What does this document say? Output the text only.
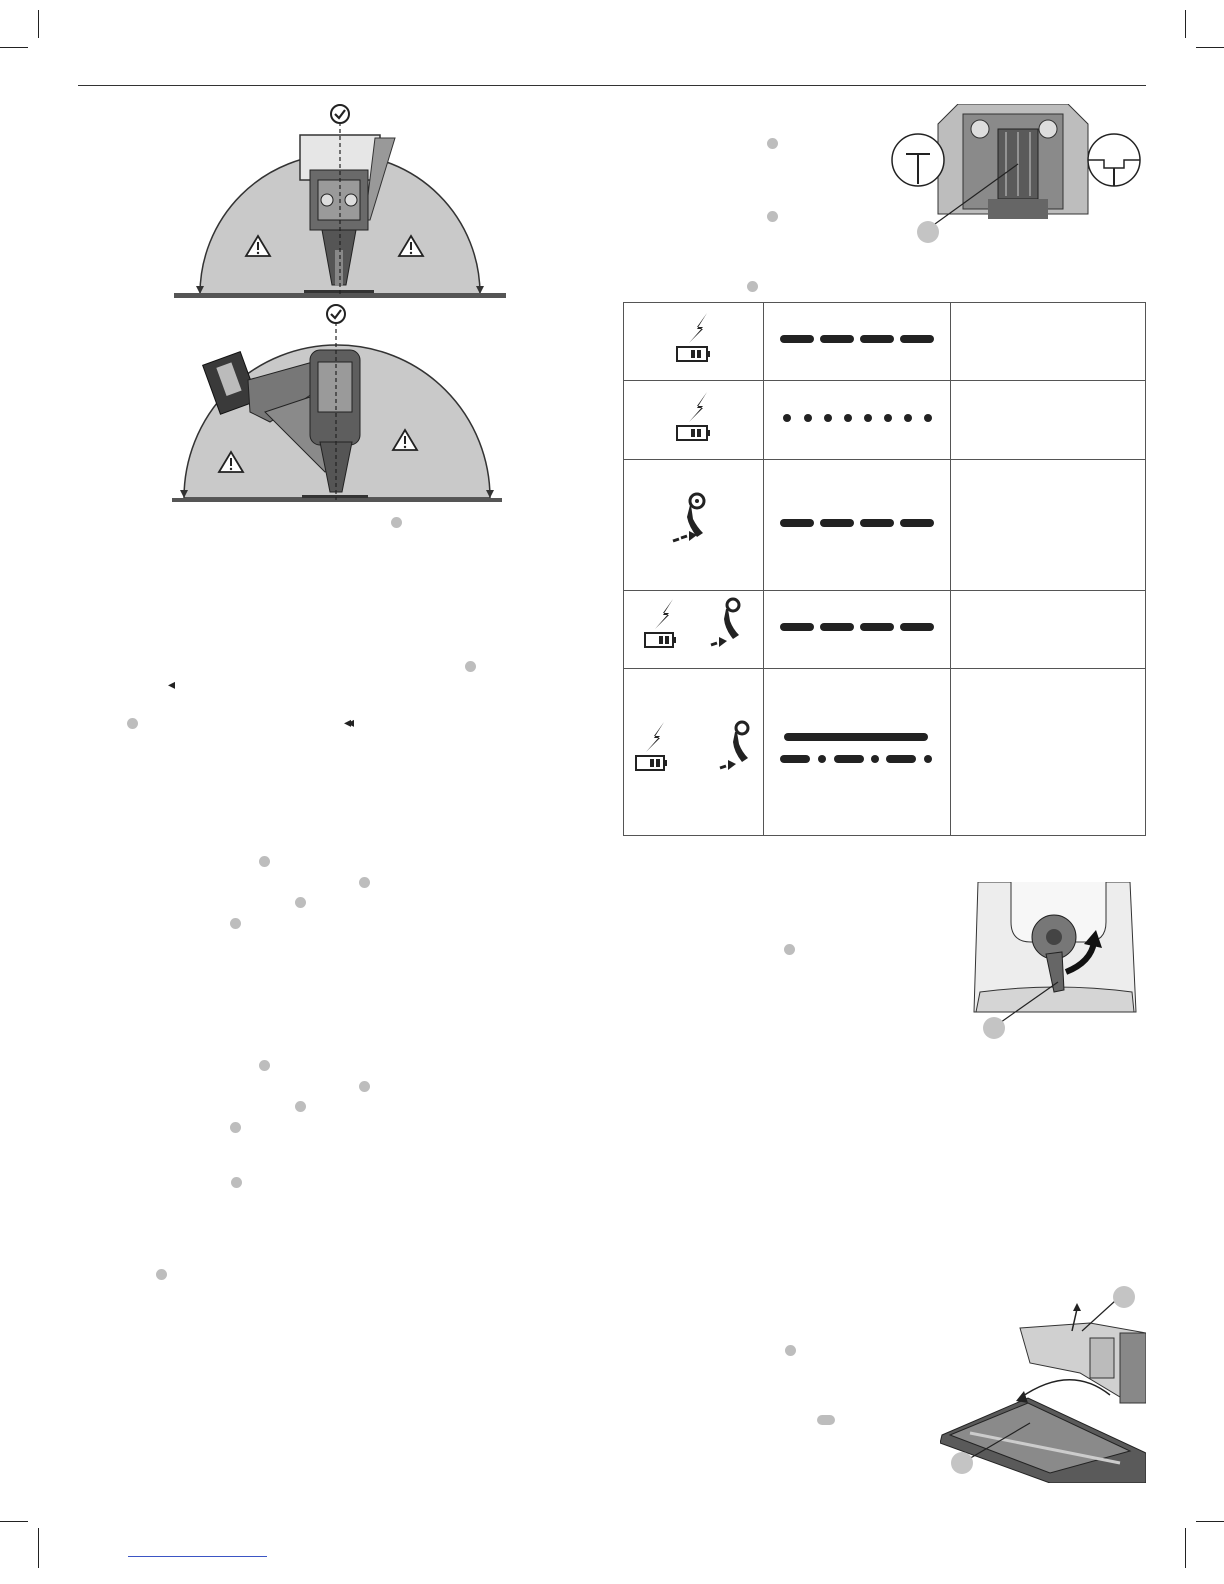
◂
◂◂
